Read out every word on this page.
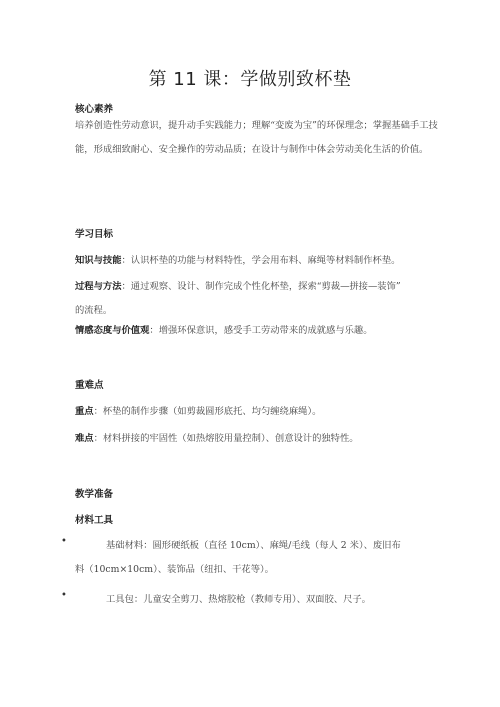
第 11 课：学做别致杯垫
核心素养
培养创造性劳动意识，提升动手实践能力；理解“变废为宝”的环保理念；掌握基础手工技能，形成细致耐心、安全操作的劳动品质；在设计与制作中体会劳动美化生活的价值。
学习目标
知识与技能：认识杯垫的功能与材料特性，学会用布料、麻绳等材料制作杯垫。
过程与方法：通过观察、设计、制作完成个性化杯垫，探索“剪裁—拼接—装饰”
的流程。
情感态度与价值观：增强环保意识，感受手工劳动带来的成就感与乐趣。
重难点
重点：杯垫的制作步骤（如剪裁圆形底托、均匀缠绕麻绳）。
难点：材料拼接的牢固性（如热熔胶用量控制）、创意设计的独特性。
教学准备
材料工具
•	基础材料：圆形硬纸板（直径 10cm）、麻绳/毛线（每人 2 米）、废旧布
料（10cm×10cm）、装饰品（纽扣、干花等）。
•	工具包：儿童安全剪刀、热熔胶枪（教师专用）、双面胶、尺子。
